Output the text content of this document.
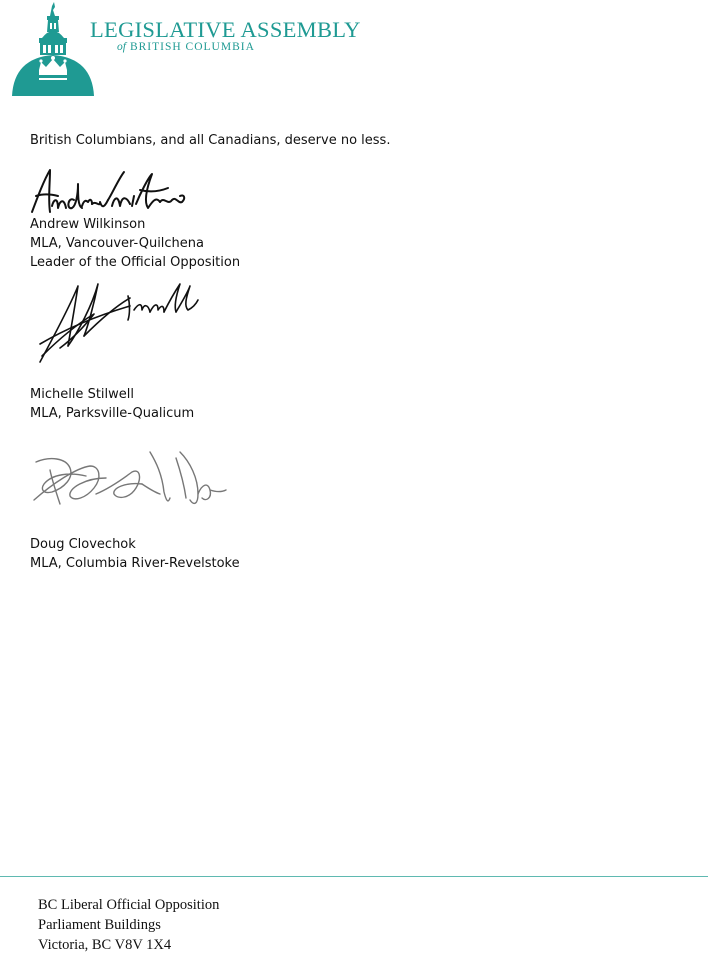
LEGISLATIVE ASSEMBLY
of BRITISH COLUMBIA
British Columbians, and all Canadians, deserve no less.
Andrew Wilkinson
MLA, Vancouver-Quilchena
Leader of the Official Opposition
Michelle Stilwell
MLA, Parksville-Qualicum
Doug Clovechok
MLA, Columbia River-Revelstoke
BC Liberal Official Opposition
Parliament Buildings
Victoria, BC V8V 1X4
